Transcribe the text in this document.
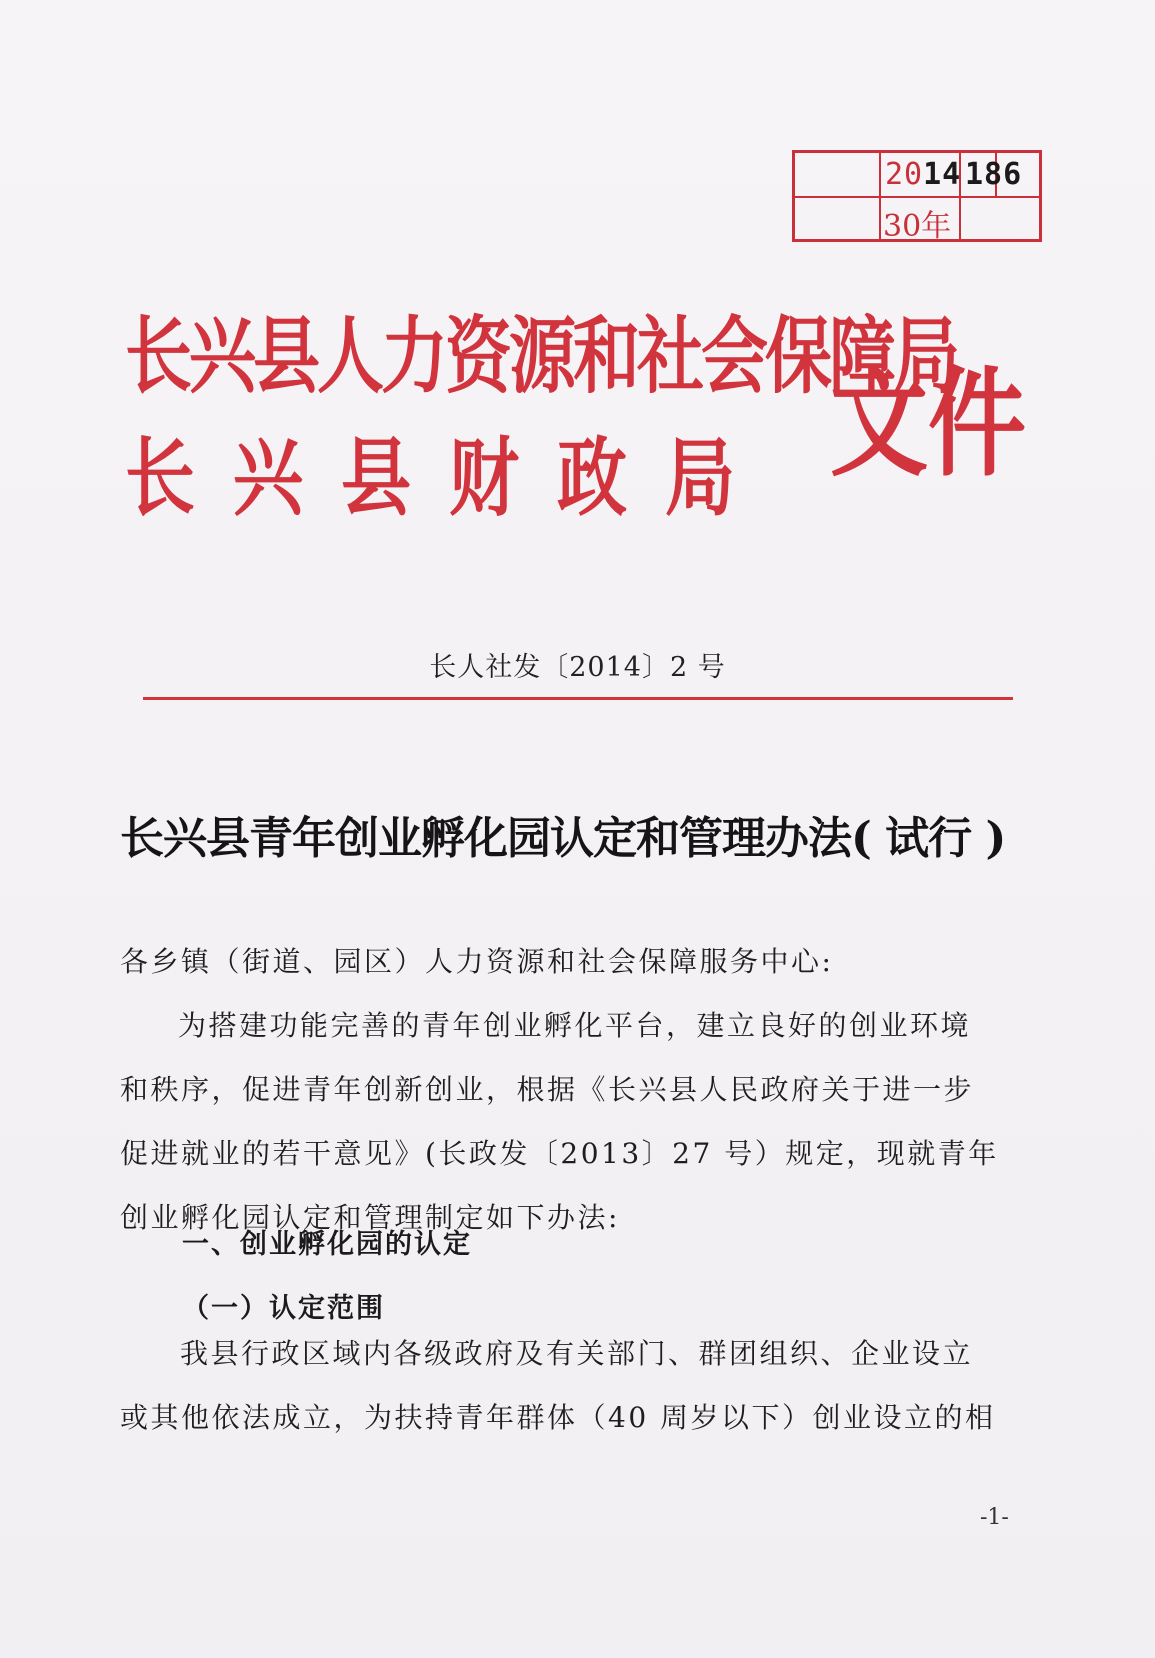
2014 186
30年
长兴县人力资源和社会保障局
长兴县财政局 文件
长人社发〔2014〕2 号
长兴县青年创业孵化园认定和管理办法( 试行 )
各乡镇（街道、园区）人力资源和社会保障服务中心:
为搭建功能完善的青年创业孵化平台，建立良好的创业环境
和秩序，促进青年创新创业，根据《长兴县人民政府关于进一步
促进就业的若干意见》(长政发〔2013〕27 号）规定，现就青年
创业孵化园认定和管理制定如下办法:
一、创业孵化园的认定
（一）认定范围
我县行政区域内各级政府及有关部门、群团组织、企业设立
或其他依法成立，为扶持青年群体（40 周岁以下）创业设立的相
-1-
